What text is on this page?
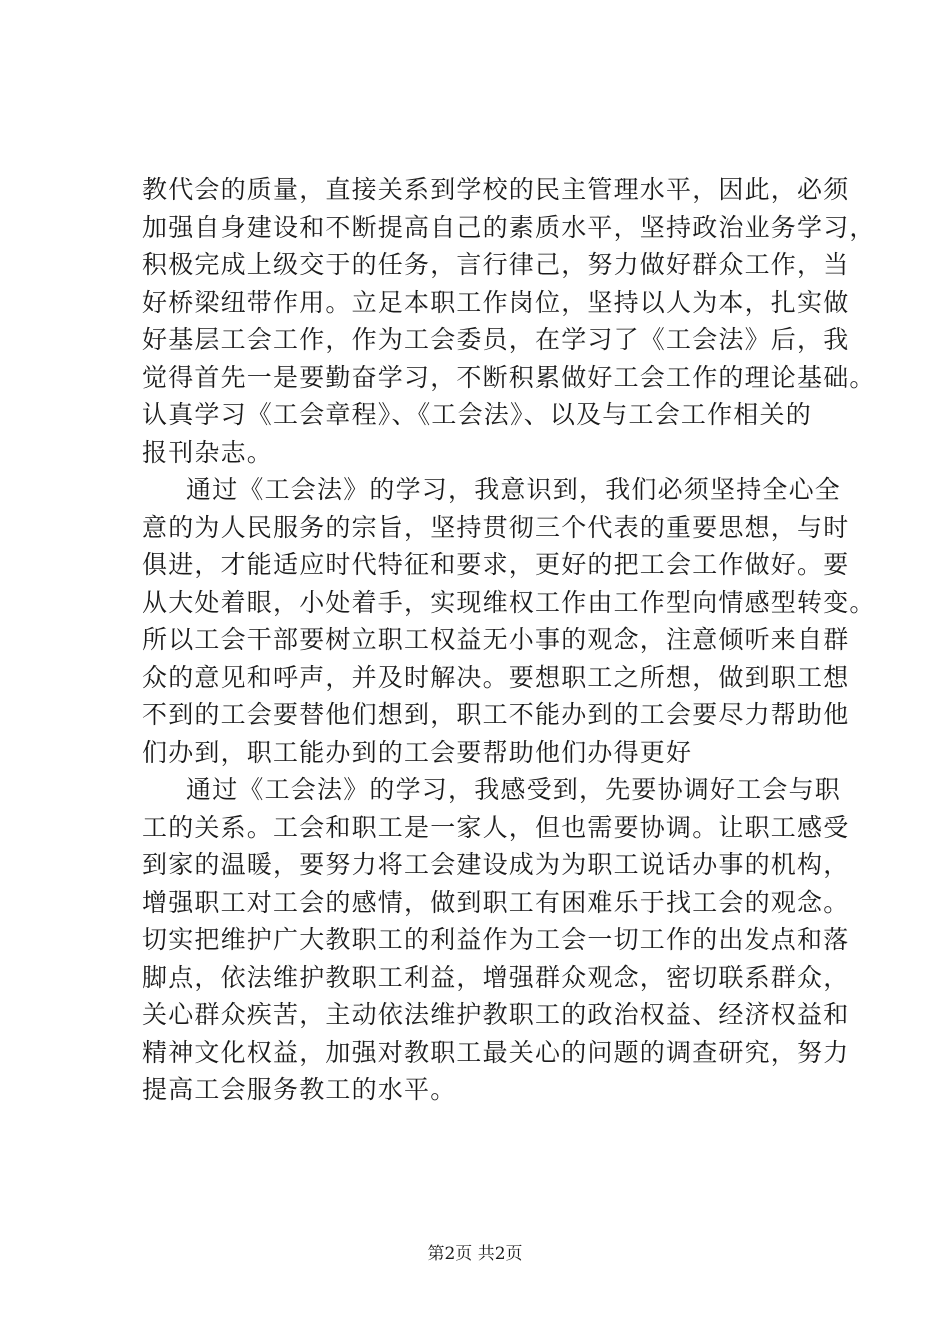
教代会的质量，直接关系到学校的民主管理水平，因此，必须
加强自身建设和不断提高自己的素质水平，坚持政治业务学习，
积极完成上级交于的任务，言行律己，努力做好群众工作，当
好桥梁纽带作用。立足本职工作岗位，坚持以人为本，扎实做
好基层工会工作，作为工会委员，在学习了《工会法》后，我
觉得首先一是要勤奋学习，不断积累做好工会工作的理论基础。
认真学习《工会章程》、《工会法》、以及与工会工作相关的
报刊杂志。
通过《工会法》的学习，我意识到，我们必须坚持全心全
意的为人民服务的宗旨，坚持贯彻三个代表的重要思想，与时
俱进，才能适应时代特征和要求，更好的把工会工作做好。要
从大处着眼，小处着手，实现维权工作由工作型向情感型转变。
所以工会干部要树立职工权益无小事的观念，注意倾听来自群
众的意见和呼声，并及时解决。要想职工之所想，做到职工想
不到的工会要替他们想到，职工不能办到的工会要尽力帮助他
们办到，职工能办到的工会要帮助他们办得更好
通过《工会法》的学习，我感受到，先要协调好工会与职
工的关系。工会和职工是一家人，但也需要协调。让职工感受
到家的温暖，要努力将工会建设成为为职工说话办事的机构，
增强职工对工会的感情，做到职工有困难乐于找工会的观念。
切实把维护广大教职工的利益作为工会一切工作的出发点和落
脚点，依法维护教职工利益，增强群众观念，密切联系群众，
关心群众疾苦，主动依法维护教职工的政治权益、经济权益和
精神文化权益，加强对教职工最关心的问题的调查研究，努力
提高工会服务教工的水平。
第2页 共2页
